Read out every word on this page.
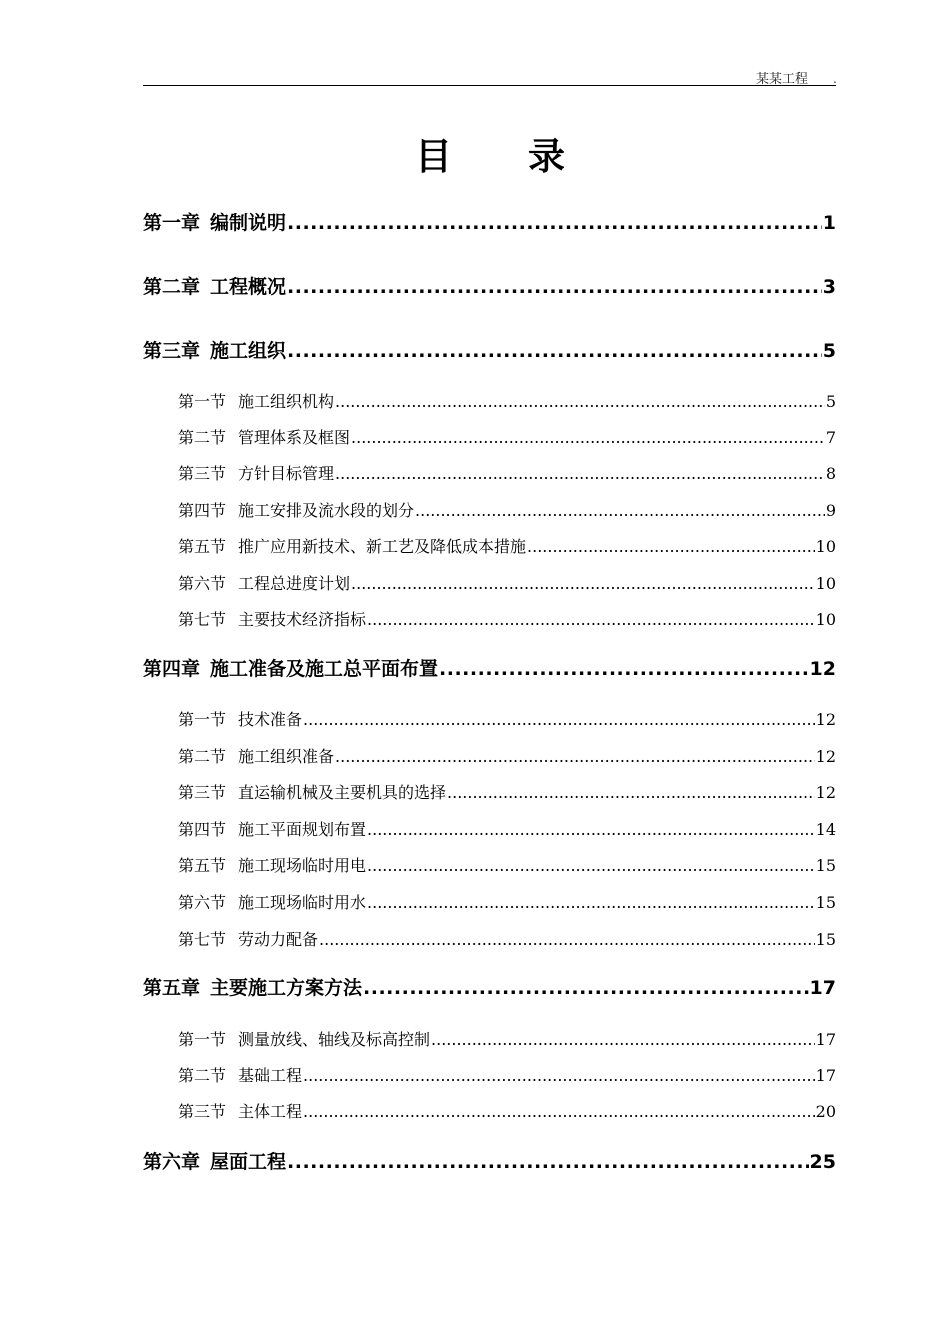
某某工程 .
目 录
第一章 编制说明 .....	1
第二章 工程概况 .....	3
第三章 施工组织 .....	5
第一节 施工组织机构 .....	5
第二节 管理体系及框图 .....	7
第三节 方针目标管理 .....	8
第四节 施工安排及流水段的划分 .....	9
第五节 推广应用新技术、新工艺及降低成本措施 .....	10
第六节 工程总进度计划 .....	10
第七节 主要技术经济指标 .....	10
第四章 施工准备及施工总平面布置 .....	12
第一节 技术准备 .....	12
第二节 施工组织准备 .....	12
第三节 直运输机械及主要机具的选择 .....	12
第四节 施工平面规划布置 .....	14
第五节 施工现场临时用电 .....	15
第六节 施工现场临时用水 .....	15
第七节 劳动力配备 .....	15
第五章 主要施工方案方法 .....	17
第一节 测量放线、轴线及标高控制 .....	17
第二节 基础工程 .....	17
第三节 主体工程 .....	20
第六章 屋面工程 .....	25
